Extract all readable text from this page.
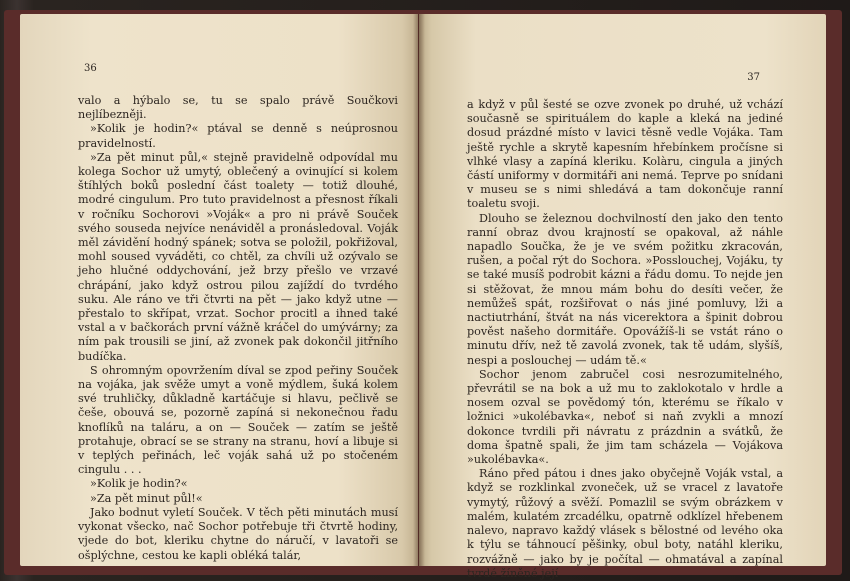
36

valo a hýbalo se, tu se spalo právě Součkovi nejlíbezněji.

»Kolik je hodin?« ptával se denně s neúprosnou pravidelností.

»Za pět minut půl,« stejně pravidelně odpovídal mu kolega Sochor už umytý, oblečený a ovinující si kolem štíhlých boků poslední část toalety — totiž dlouhé, modré cingulum. Pro tuto pravidelnost a přesnost říkali v ročníku Sochorovi »Voják« a pro ni právě Souček svého souseda nejvíce nenáviděl a pronásledoval. Voják měl závidění hodný spánek; sotva se položil, pokřižoval, mohl soused vyváděti, co chtěl, za chvíli už ozývalo se jeho hlučné oddychování, jež brzy přešlo ve vrzavé chrápání, jako když ostrou pilou zajíždí do tvrdého suku. Ale ráno ve tři čtvrti na pět — jako když utne — přestalo to skřípat, vrzat. Sochor procitl a ihned také vstal a v bačkorách první vážně kráčel do umývárny; za ním pak trousili se jiní, až zvonek pak dokončil jitřního budíčka.

S ohromným opovržením díval se zpod peřiny Souček na vojáka, jak svěže umyt a voně mýdlem, šuká kolem své truhličky, důkladně kartáčuje si hlavu, pečlivě se češe, obouvá se, pozorně zapíná si nekonečnou řadu knoflíků na taláru, a on — Souček — zatím se ještě protahuje, obrací se se strany na stranu, hoví a libuje si v teplých peřinách, leč voják sahá už po stočeném cingulu . . .

»Kolik je hodin?«

»Za pět minut půl!«

Jako bodnut vyletí Souček. V těch pěti minutách musí vykonat všecko, nač Sochor potřebuje tři čtvrtě hodiny, vjede do bot, kleriku chytne do náručí, v lavatoři se ošplýchne, cestou ke kapli obléká talár,

37

a když v půl šesté se ozve zvonek po druhé, už vchází současně se spirituálem do kaple a kleká na jediné dosud prázdné místo v lavici těsně vedle Vojáka. Tam ještě rychle a skrytě kapesním hřebínkem pročísne si vlhké vlasy a zapíná kleriku. Kolàru, cingula a jiných částí uniformy v dormitáři ani nemá. Teprve po snídani v museu se s nimi shledává a tam dokončuje ranní toaletu svoji.

Dlouho se železnou dochvilností den jako den tento ranní obraz dvou krajností se opakoval, až náhle napadlo Součka, že je ve svém požitku zkracován, rušen, a počal rýt do Sochora. »Posslouchej, Vojáku, ty se také musíš podrobit kázni a řádu domu. To nejde jen si stěžovat, že mnou mám bohu do desíti večer, že nemůžeš spát, rozšiřovat o nás jiné pomluvy, lži a nactiutrhání, štvát na nás vicerektora a špinit dobrou pověst našeho dormitáře. Opovážíš-li se vstát ráno o minutu dřív, než tě zavolá zvonek, tak tě udám, slyšíš, nespi a poslouchej — udám tě.«

Sochor jenom zabručel cosi nesrozumitelného, převrátil se na bok a už mu to zaklokotalo v hrdle a nosem ozval se povědomý tón, kterému se říkalo v ložnici »ukolébavka«, neboť si naň zvykli a mnozí dokonce tvrdili při návratu z prázdnin a svátků, že doma špatně spali, že jim tam scházela — Vojákova »ukolébavka«.

Ráno před pátou i dnes jako obyčejně Voják vstal, a když se rozklinkal zvoneček, už se vracel z lavatoře vymytý, růžový a svěží. Pomazlil se svým obrázkem v malém, kulatém zrcadélku, opatrně odklízel hřebenem nalevo, napravo každý vlásek s bělostné od levého oka k týlu se táhnoucí pěšinky, obul boty, natáhl kleriku, rozvážně — jako by je počítal — ohmatával a zapínal tvrdé žíněné její
